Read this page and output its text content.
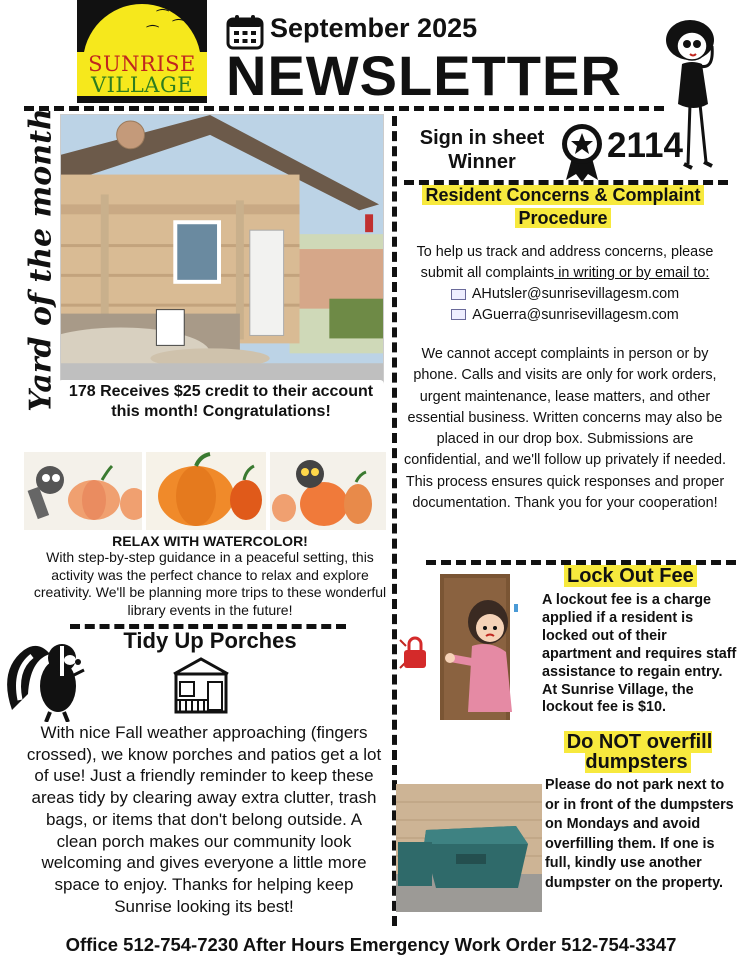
⁀
⁀
⁀
SUNRISE
VILLAGE
September 2025
NEWSLETTER
Yard of the month 178 Receives $25 credit to their account this month! Congratulations!
RELAX WITH WATERCOLOR!
With step-by-step guidance in a peaceful setting, this activity was the perfect chance to relax and explore creativity. We'll be planning more trips to these wonderful library events in the future!
Tidy Up Porches
With nice Fall weather approaching (fingers crossed), we know porches and patios get a lot of use! Just a friendly reminder to keep these areas tidy by clearing away extra clutter, trash bags, or items that don't belong outside. A clean porch makes our community look welcoming and gives everyone a little more space to enjoy. Thanks for helping keep Sunrise looking its best!
Sign in sheet
Winner	2114
Resident Concerns & Complaint
Procedure
To help us track and address concerns, please submit all complaints in writing or by email to:
AHutsler@sunrisevillagesm.com
AGuerra@sunrisevillagesm.com
We cannot accept complaints in person or by phone. Calls and visits are only for work orders, urgent maintenance, lease matters, and other essential business. Written concerns may also be placed in our drop box. Submissions are confidential, and we'll follow up privately if needed. This process ensures quick responses and proper documentation. Thank you for your cooperation!
Lock Out Fee
A lockout fee is a charge applied if a resident is locked out of their apartment and requires staff assistance to regain entry. At Sunrise Village, the lockout fee is $10.
Do NOT overfill dumpsters
Please do not park next to or in front of the dumpsters on Mondays and avoid overfilling them. If one is full, kindly use another dumpster on the property.
Office 512-754-7230 After Hours Emergency Work Order 512-754-3347
